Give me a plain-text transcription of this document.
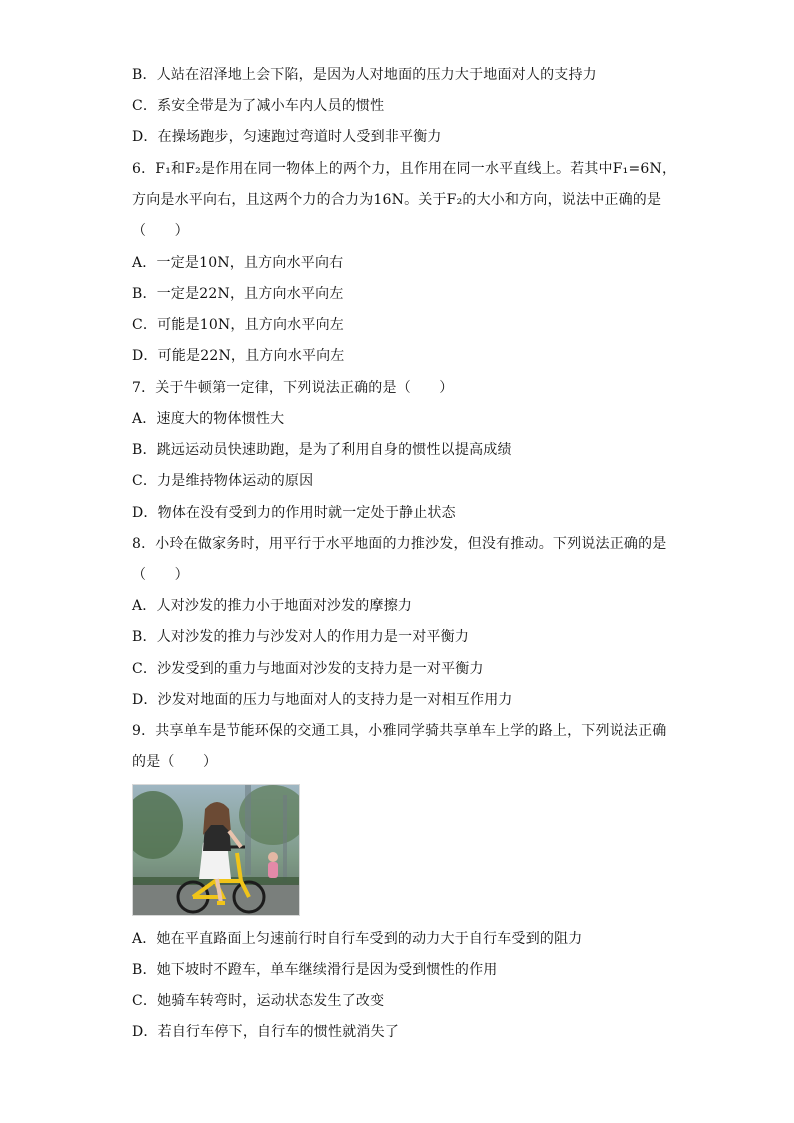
B．人站在沼泽地上会下陷，是因为人对地面的压力大于地面对人的支持力
C．系安全带是为了减小车内人员的惯性
D．在操场跑步，匀速跑过弯道时人受到非平衡力
6．F₁和F₂是作用在同一物体上的两个力，且作用在同一水平直线上。若其中F₁=6N，
方向是水平向右，且这两个力的合力为16N。关于F₂的大小和方向，说法中正确的是
（　　）
A．一定是10N，且方向水平向右
B．一定是22N，且方向水平向左
C．可能是10N，且方向水平向左
D．可能是22N，且方向水平向左
7．关于牛顿第一定律，下列说法正确的是（　　）
A．速度大的物体惯性大
B．跳远运动员快速助跑，是为了利用自身的惯性以提高成绩
C．力是维持物体运动的原因
D．物体在没有受到力的作用时就一定处于静止状态
8．小玲在做家务时，用平行于水平地面的力推沙发，但没有推动。下列说法正确的是
（　　）
A．人对沙发的推力小于地面对沙发的摩擦力
B．人对沙发的推力与沙发对人的作用力是一对平衡力
C．沙发受到的重力与地面对沙发的支持力是一对平衡力
D．沙发对地面的压力与地面对人的支持力是一对相互作用力
9．共享单车是节能环保的交通工具，小雅同学骑共享单车上学的路上，下列说法正确
的是（　　）
A．她在平直路面上匀速前行时自行车受到的动力大于自行车受到的阻力
B．她下坡时不蹬车，单车继续滑行是因为受到惯性的作用
C．她骑车转弯时，运动状态发生了改变
D．若自行车停下，自行车的惯性就消失了
